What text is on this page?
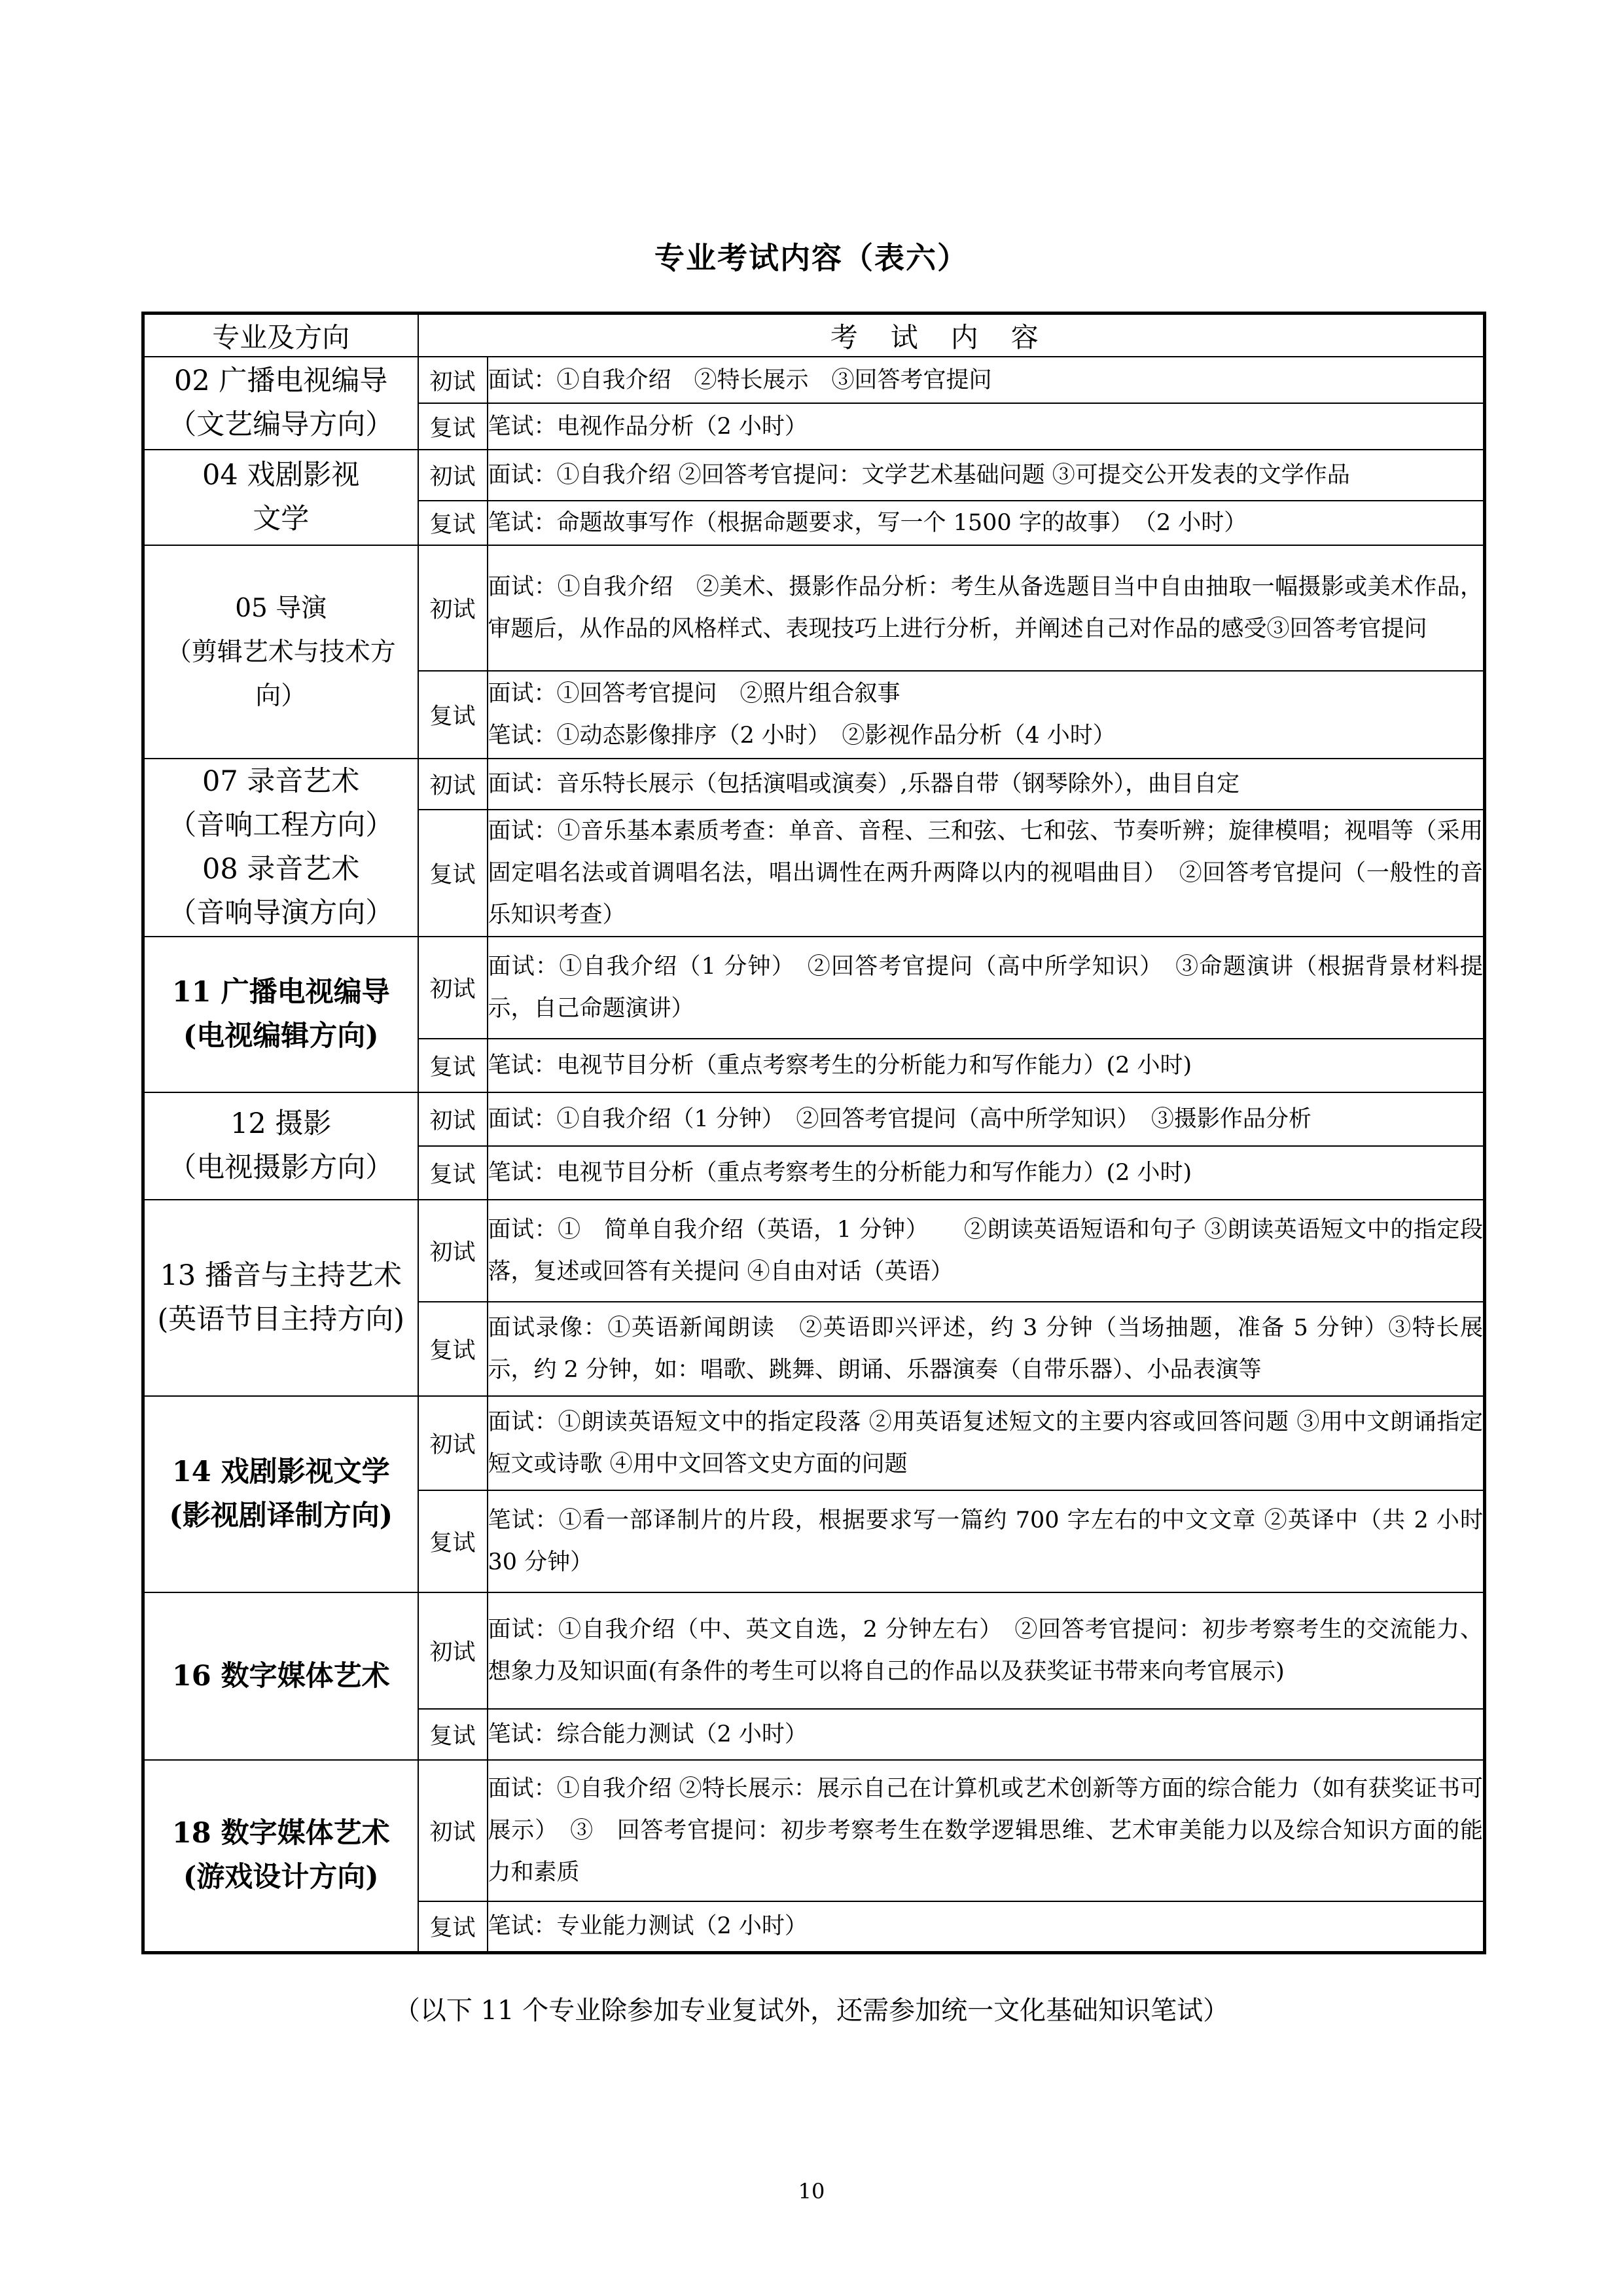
专业考试内容（表六）
专业及方向	考试内容	

02 广播电视编导
（文艺编导方向）	初试	面试：①自我介绍　②特长展示　③回答考官提问
	复试	笔试：电视作品分析（2 小时）

04 戏剧影视
文学	初试	面试：①自我介绍 ②回答考官提问：文学艺术基础问题 ③可提交公开发表的文学作品
	复试	笔试：命题故事写作（根据命题要求，写一个 1500 字的故事）　（2 小时）

05 导演
（剪辑艺术与技术方
向）	初试	面试：①自我介绍　②美术、摄影作品分析：考生从备选题目当中自由抽取一幅摄影或美术作品，审题后，从作品的风格样式、表现技巧上进行分析，并阐述自己对作品的感受③回答考官提问
	复试	面试：①回答考官提问　②照片组合叙事
笔试：①动态影像排序（2 小时）　②影视作品分析（4 小时）

07 录音艺术
（音响工程方向）
08 录音艺术
（音响导演方向）	初试	面试：音乐特长展示（包括演唱或演奏）,乐器自带（钢琴除外），曲目自定
	复试	面试：①音乐基本素质考查：单音、音程、三和弦、七和弦、节奏听辨；旋律模唱；视唱等（采用固定唱名法或首调唱名法，唱出调性在两升两降以内的视唱曲目）　②回答考官提问（一般性的音乐知识考查）

11 广播电视编导
(电视编辑方向)	初试	面试：①自我介绍（1 分钟）　②回答考官提问（高中所学知识）　③命题演讲（根据背景材料提示，自己命题演讲）
	复试	笔试：电视节目分析（重点考察考生的分析能力和写作能力）(2 小时)

12 摄影
（电视摄影方向）	初试	面试：①自我介绍（1 分钟）　②回答考官提问（高中所学知识）　③摄影作品分析
	复试	笔试：电视节目分析（重点考察考生的分析能力和写作能力）(2 小时)

13 播音与主持艺术
(英语节目主持方向)	初试	面试：①　简单自我介绍（英语，1 分钟）　　②朗读英语短语和句子 ③朗读英语短文中的指定段落，复述或回答有关提问 ④自由对话（英语）
	复试	面试录像：①英语新闻朗读　②英语即兴评述，约 3 分钟（当场抽题，准备 5 分钟）③特长展示，约 2 分钟，如：唱歌、跳舞、朗诵、乐器演奏（自带乐器）、小品表演等

14 戏剧影视文学
(影视剧译制方向)	初试	面试：①朗读英语短文中的指定段落 ②用英语复述短文的主要内容或回答问题 ③用中文朗诵指定短文或诗歌 ④用中文回答文史方面的问题
	复试	笔试：①看一部译制片的片段，根据要求写一篇约 700 字左右的中文文章 ②英译中（共 2 小时 30 分钟）

16 数字媒体艺术	初试	面试：①自我介绍（中、英文自选，2 分钟左右）　②回答考官提问：初步考察考生的交流能力、想象力及知识面(有条件的考生可以将自己的作品以及获奖证书带来向考官展示)
	复试	笔试：综合能力测试（2 小时）

18 数字媒体艺术
(游戏设计方向)	初试	面试：①自我介绍 ②特长展示：展示自己在计算机或艺术创新等方面的综合能力（如有获奖证书可展示）　③　回答考官提问：初步考察考生在数学逻辑思维、艺术审美能力以及综合知识方面的能力和素质
	复试	笔试：专业能力测试（2 小时）
（以下 11 个专业除参加专业复试外，还需参加统一文化基础知识笔试）
10
